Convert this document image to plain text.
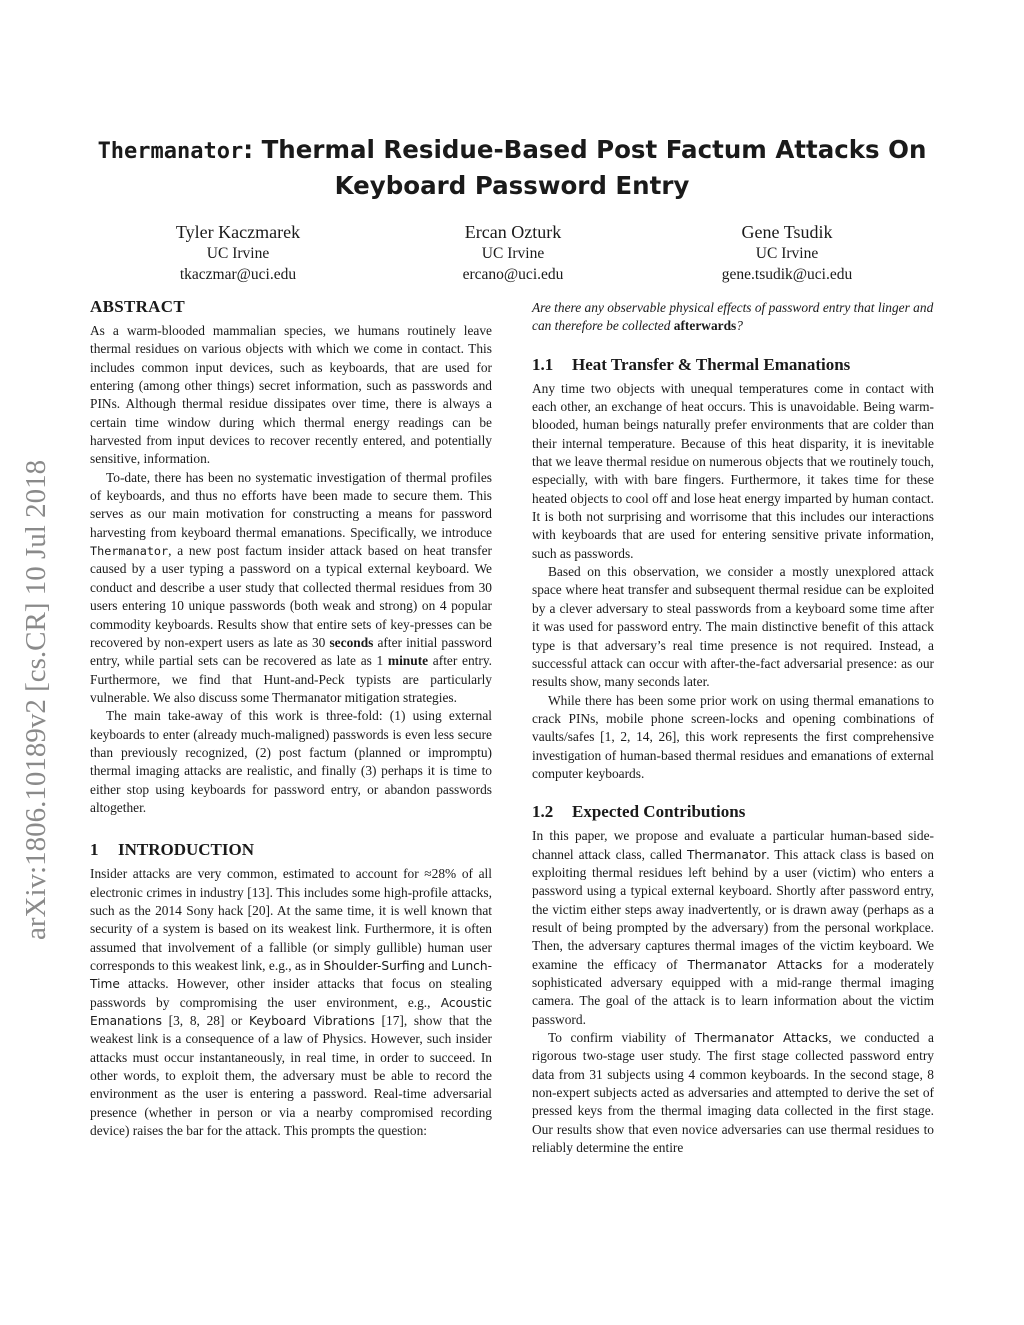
Thermanator: Thermal Residue-Based Post Factum Attacks On

Keyboard Password Entry

Tyler Kaczmarek
UC Irvine
tkaczmar@uci.edu
Ercan Ozturk
UC Irvine
ercano@uci.edu
Gene Tsudik
UC Irvine
gene.tsudik@uci.edu
arXiv:1806.10189v2 [cs.CR] 10 Jul 2018
ABSTRACT

As a warm-blooded mammalian species, we humans routinely leave thermal residues on various objects with which we come in contact. This includes common input devices, such as keyboards, that are used for entering (among other things) secret information, such as passwords and PINs. Although thermal residue dissipates over time, there is always a certain time window during which thermal energy readings can be harvested from input devices to recover recently entered, and potentially sensitive, information.

To-date, there has been no systematic investigation of thermal profiles of keyboards, and thus no efforts have been made to secure them. This serves as our main motivation for constructing a means for password harvesting from keyboard thermal emanations. Specifically, we introduce Thermanator, a new post factum insider attack based on heat transfer caused by a user typing a password on a typical external keyboard. We conduct and describe a user study that collected thermal residues from 30 users entering 10 unique passwords (both weak and strong) on 4 popular commodity keyboards. Results show that entire sets of key-presses can be recovered by non-expert users as late as 30 seconds after initial password entry, while partial sets can be recovered as late as 1 minute after entry. Furthermore, we find that Hunt-and-Peck typists are particularly vulnerable. We also discuss some Thermanator mitigation strategies.

The main take-away of this work is three-fold: (1) using external keyboards to enter (already much-maligned) passwords is even less secure than previously recognized, (2) post factum (planned or impromptu) thermal imaging attacks are realistic, and finally (3) perhaps it is time to either stop using keyboards for password entry, or abandon passwords altogether.

1 INTRODUCTION

Insider attacks are very common, estimated to account for ≈28% of all electronic crimes in industry [13]. This includes some high-profile attacks, such as the 2014 Sony hack [20]. At the same time, it is well known that security of a system is based on its weakest link. Furthermore, it is often assumed that involvement of a fallible (or simply gullible) human user corresponds to this weakest link, e.g., as in Shoulder-Surfing and Lunch-Time attacks. However, other insider attacks that focus on stealing passwords by compromising the user environment, e.g., Acoustic Emanations [3, 8, 28] or Keyboard Vibrations [17], show that the weakest link is a consequence of a law of Physics. However, such insider attacks must occur instantaneously, in real time, in order to succeed. In other words, to exploit them, the adversary must be able to record the environment as the user is entering a password. Real-time adversarial presence (whether in person or via a nearby compromised recording device) raises the bar for the attack. This prompts the question:

Are there any observable physical effects of password entry that linger and can therefore be collected afterwards?

1.1 Heat Transfer & Thermal Emanations

Any time two objects with unequal temperatures come in contact with each other, an exchange of heat occurs. This is unavoidable. Being warm-blooded, human beings naturally prefer environments that are colder than their internal temperature. Because of this heat disparity, it is inevitable that we leave thermal residue on numerous objects that we routinely touch, especially, with with bare fingers. Furthermore, it takes time for these heated objects to cool off and lose heat energy imparted by human contact. It is both not surprising and worrisome that this includes our interactions with keyboards that are used for entering sensitive private information, such as passwords.

Based on this observation, we consider a mostly unexplored attack space where heat transfer and subsequent thermal residue can be exploited by a clever adversary to steal passwords from a keyboard some time after it was used for password entry. The main distinctive benefit of this attack type is that adversary’s real time presence is not required. Instead, a successful attack can occur with after-the-fact adversarial presence: as our results show, many seconds later.

While there has been some prior work on using thermal emanations to crack PINs, mobile phone screen-locks and opening combinations of vaults/safes [1, 2, 14, 26], this work represents the first comprehensive investigation of human-based thermal residues and emanations of external computer keyboards.

1.2 Expected Contributions

In this paper, we propose and evaluate a particular human-based side-channel attack class, called Thermanator. This attack class is based on exploiting thermal residues left behind by a user (victim) who enters a password using a typical external keyboard. Shortly after password entry, the victim either steps away inadvertently, or is drawn away (perhaps as a result of being prompted by the adversary) from the personal workplace. Then, the adversary captures thermal images of the victim keyboard. We examine the efficacy of Thermanator Attacks for a moderately sophisticated adversary equipped with a mid-range thermal imaging camera. The goal of the attack is to learn information about the victim password.

To confirm viability of Thermanator Attacks, we conducted a rigorous two-stage user study. The first stage collected password entry data from 31 subjects using 4 common keyboards. In the second stage, 8 non-expert subjects acted as adversaries and attempted to derive the set of pressed keys from the thermal imaging data collected in the first stage. Our results show that even novice adversaries can use thermal residues to reliably determine the entire
